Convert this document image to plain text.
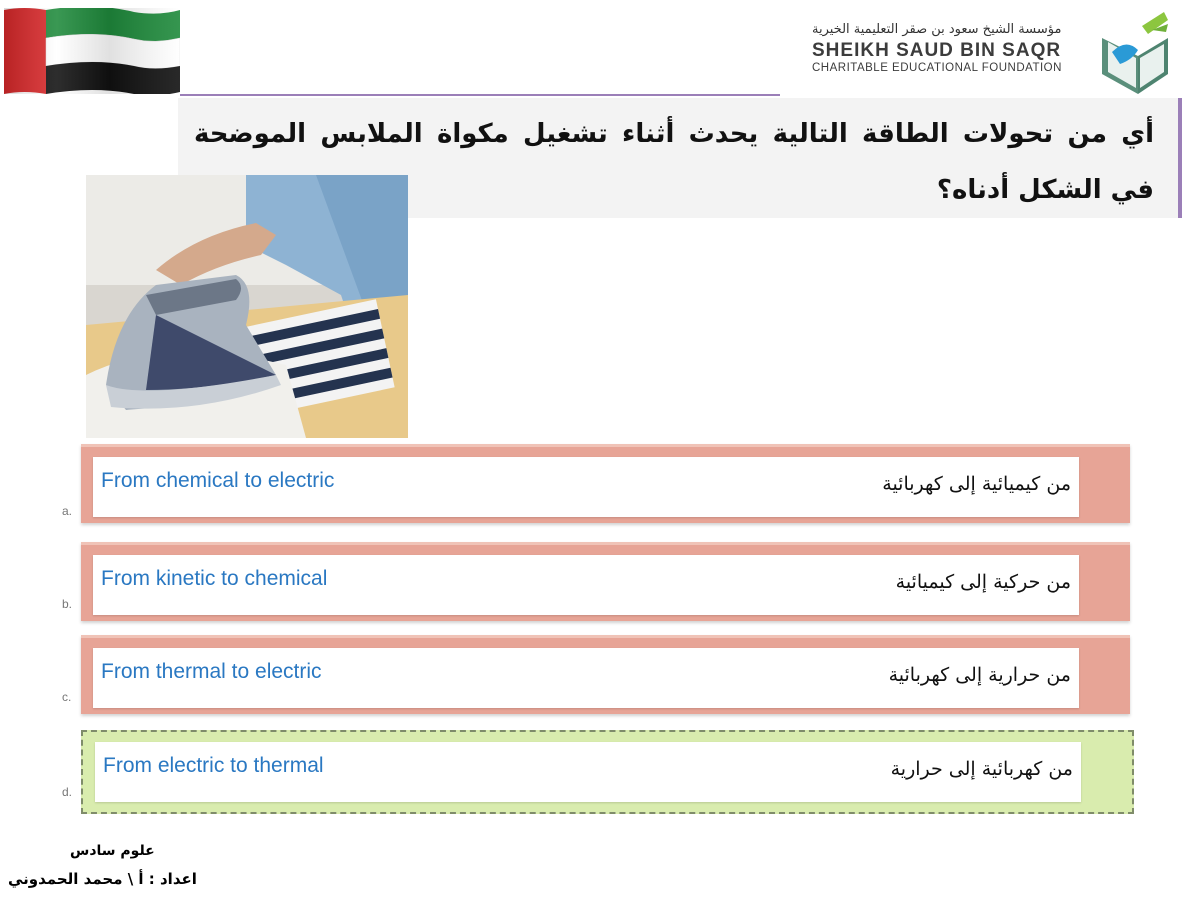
مؤسسة الشيخ سعود بن صقر التعليمية الخيرية
SHEIKH SAUD BIN SAQR
CHARITABLE EDUCATIONAL FOUNDATION
أي من تحولات الطاقة التالية يحدث أثناء تشغيل مكواة الملابس الموضحة في الشكل أدناه؟
From chemical to electric	من كيميائية إلى كهربائية
a.
From kinetic to chemical	من حركية إلى كيميائية
b.
From thermal to electric	من حرارية إلى كهربائية
c.
From electric to thermal	من كهربائية إلى حرارية
d.
علوم سادس
اعداد : أ \ محمد الحمدوني
